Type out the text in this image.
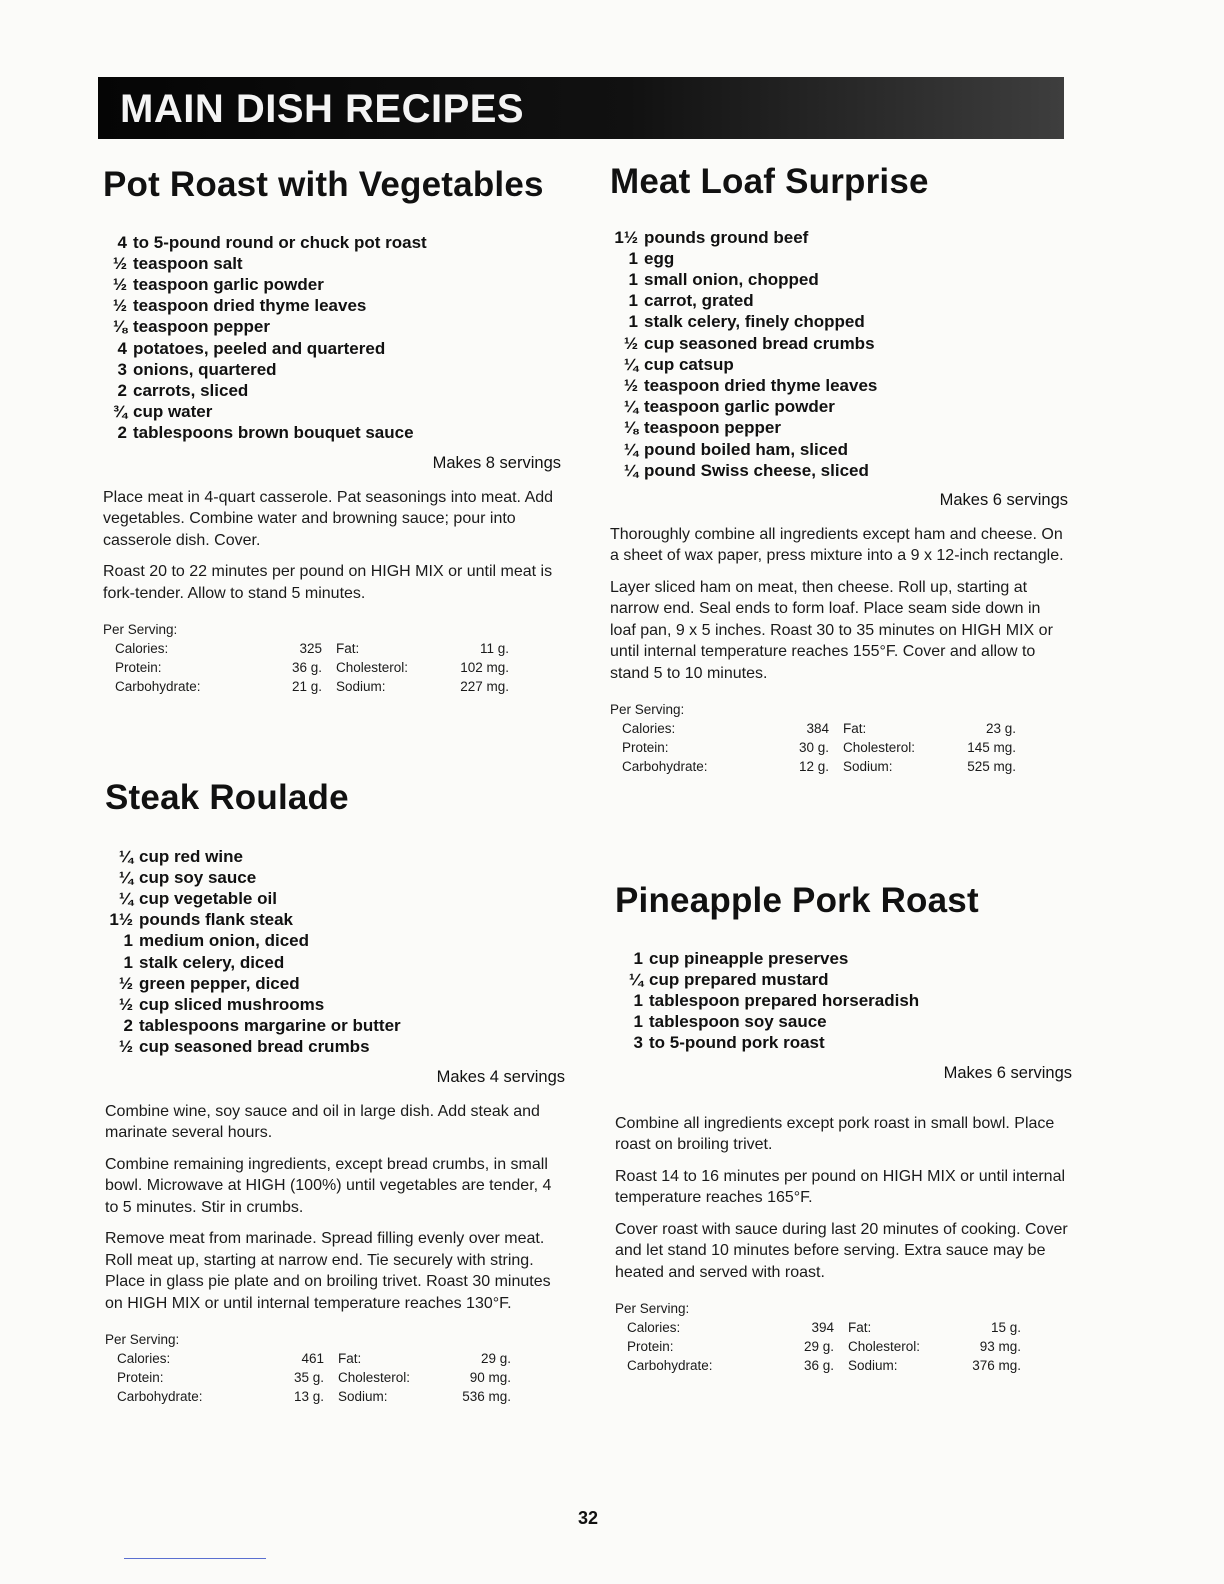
MAIN DISH RECIPES
Pot Roast with Vegetables
4 to 5-pound round or chuck pot roast
½ teaspoon salt
½ teaspoon garlic powder
½ teaspoon dried thyme leaves
⅛ teaspoon pepper
4 potatoes, peeled and quartered
3 onions, quartered
2 carrots, sliced
¾ cup water
2 tablespoons brown bouquet sauce

Makes 8 servings

Place meat in 4-quart casserole. Pat seasonings into meat. Add vegetables. Combine water and browning sauce; pour into casserole dish. Cover.

Roast 20 to 22 minutes per pound on HIGH MIX or until meat is fork-tender. Allow to stand 5 minutes.

Per Serving:

Calories:	325	Fat:	11 g.
Protein:	36 g.	Cholesterol:	102 mg.
Carbohydrate:	21 g.	Sodium:	227 mg.
Steak Roulade
¼ cup red wine
¼ cup soy sauce
¼ cup vegetable oil
1½ pounds flank steak
1 medium onion, diced
1 stalk celery, diced
½ green pepper, diced
½ cup sliced mushrooms
2 tablespoons margarine or butter
½ cup seasoned bread crumbs

Makes 4 servings

Combine wine, soy sauce and oil in large dish. Add steak and marinate several hours.

Combine remaining ingredients, except bread crumbs, in small bowl. Microwave at HIGH (100%) until vegetables are tender, 4 to 5 minutes. Stir in crumbs.

Remove meat from marinade. Spread filling evenly over meat. Roll meat up, starting at narrow end. Tie securely with string. Place in glass pie plate and on broiling trivet. Roast 30 minutes on HIGH MIX or until internal temperature reaches 130°F.

Per Serving:

Calories:	461	Fat:	29 g.
Protein:	35 g.	Cholesterol:	90 mg.
Carbohydrate:	13 g.	Sodium:	536 mg.
Meat Loaf Surprise
1½ pounds ground beef
1 egg
1 small onion, chopped
1 carrot, grated
1 stalk celery, finely chopped
½ cup seasoned bread crumbs
¼ cup catsup
½ teaspoon dried thyme leaves
¼ teaspoon garlic powder
⅛ teaspoon pepper
¼ pound boiled ham, sliced
¼ pound Swiss cheese, sliced

Makes 6 servings

Thoroughly combine all ingredients except ham and cheese. On a sheet of wax paper, press mixture into a 9 x 12-inch rectangle.

Layer sliced ham on meat, then cheese. Roll up, starting at narrow end. Seal ends to form loaf. Place seam side down in loaf pan, 9 x 5 inches. Roast 30 to 35 minutes on HIGH MIX or until internal temperature reaches 155°F. Cover and allow to stand 5 to 10 minutes.

Per Serving:

Calories:	384	Fat:	23 g.
Protein:	30 g.	Cholesterol:	145 mg.
Carbohydrate:	12 g.	Sodium:	525 mg.
Pineapple Pork Roast
1 cup pineapple preserves
¼ cup prepared mustard
1 tablespoon prepared horseradish
1 tablespoon soy sauce
3 to 5-pound pork roast

Makes 6 servings

Combine all ingredients except pork roast in small bowl. Place roast on broiling trivet.

Roast 14 to 16 minutes per pound on HIGH MIX or until internal temperature reaches 165°F.

Cover roast with sauce during last 20 minutes of cooking. Cover and let stand 10 minutes before serving. Extra sauce may be heated and served with roast.

Per Serving:

Calories:	394	Fat:	15 g.
Protein:	29 g.	Cholesterol:	93 mg.
Carbohydrate:	36 g.	Sodium:	376 mg.
32
